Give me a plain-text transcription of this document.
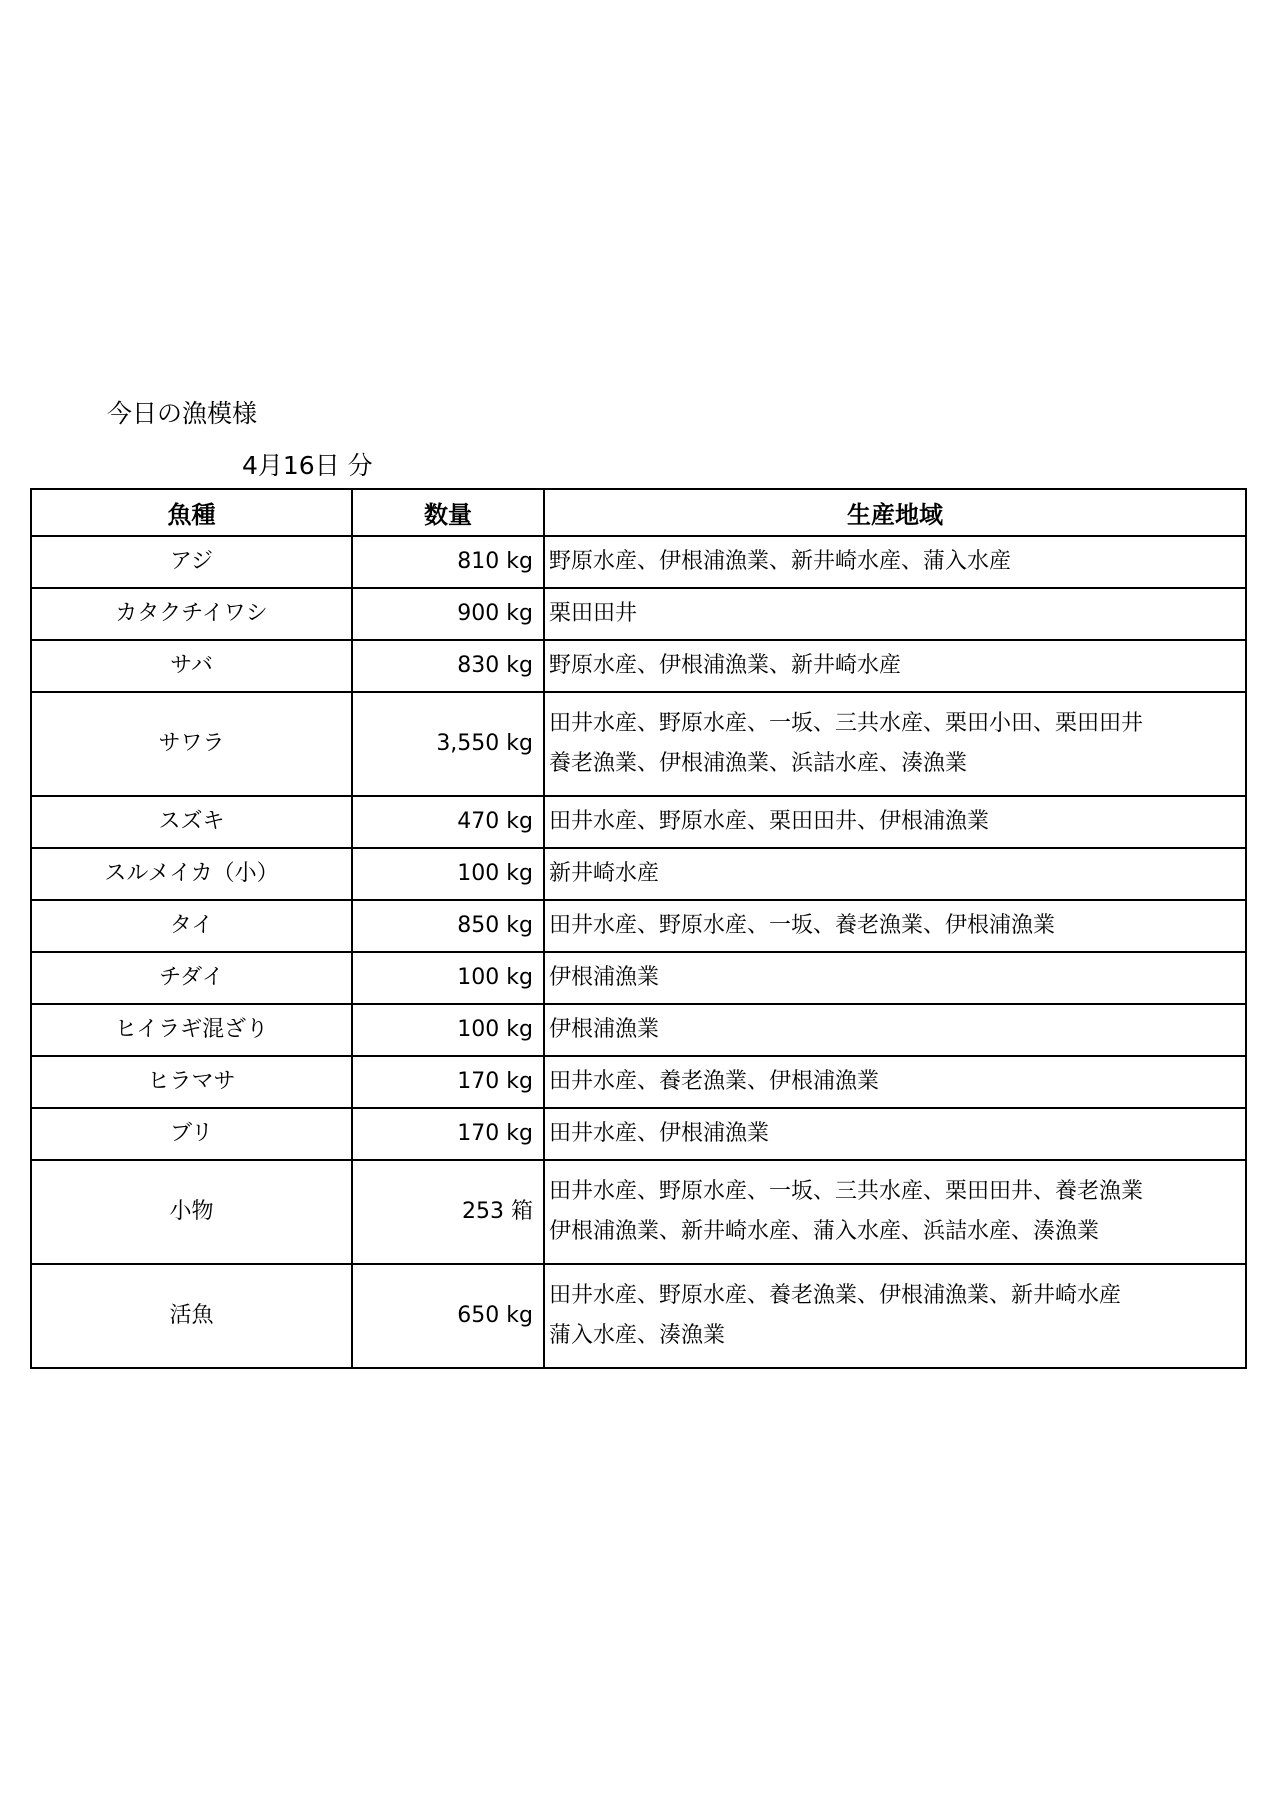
今日の漁模様
4月16日 分
魚種	数量	生産地域
アジ	810 kg	野原水産、伊根浦漁業、新井崎水産、蒲入水産

カタクチイワシ	900 kg	栗田田井

サバ	830 kg	野原水産、伊根浦漁業、新井崎水産

サワラ	3,550 kg	田井水産、野原水産、一坂、三共水産、栗田小田、栗田田井
養老漁業、伊根浦漁業、浜詰水産、湊漁業

スズキ	470 kg	田井水産、野原水産、栗田田井、伊根浦漁業

スルメイカ（小）	100 kg	新井崎水産

タイ	850 kg	田井水産、野原水産、一坂、養老漁業、伊根浦漁業

チダイ	100 kg	伊根浦漁業

ヒイラギ混ざり	100 kg	伊根浦漁業

ヒラマサ	170 kg	田井水産、養老漁業、伊根浦漁業

ブリ	170 kg	田井水産、伊根浦漁業

小物	253 箱	田井水産、野原水産、一坂、三共水産、栗田田井、養老漁業
伊根浦漁業、新井崎水産、蒲入水産、浜詰水産、湊漁業

活魚	650 kg	田井水産、野原水産、養老漁業、伊根浦漁業、新井崎水産
蒲入水産、湊漁業
